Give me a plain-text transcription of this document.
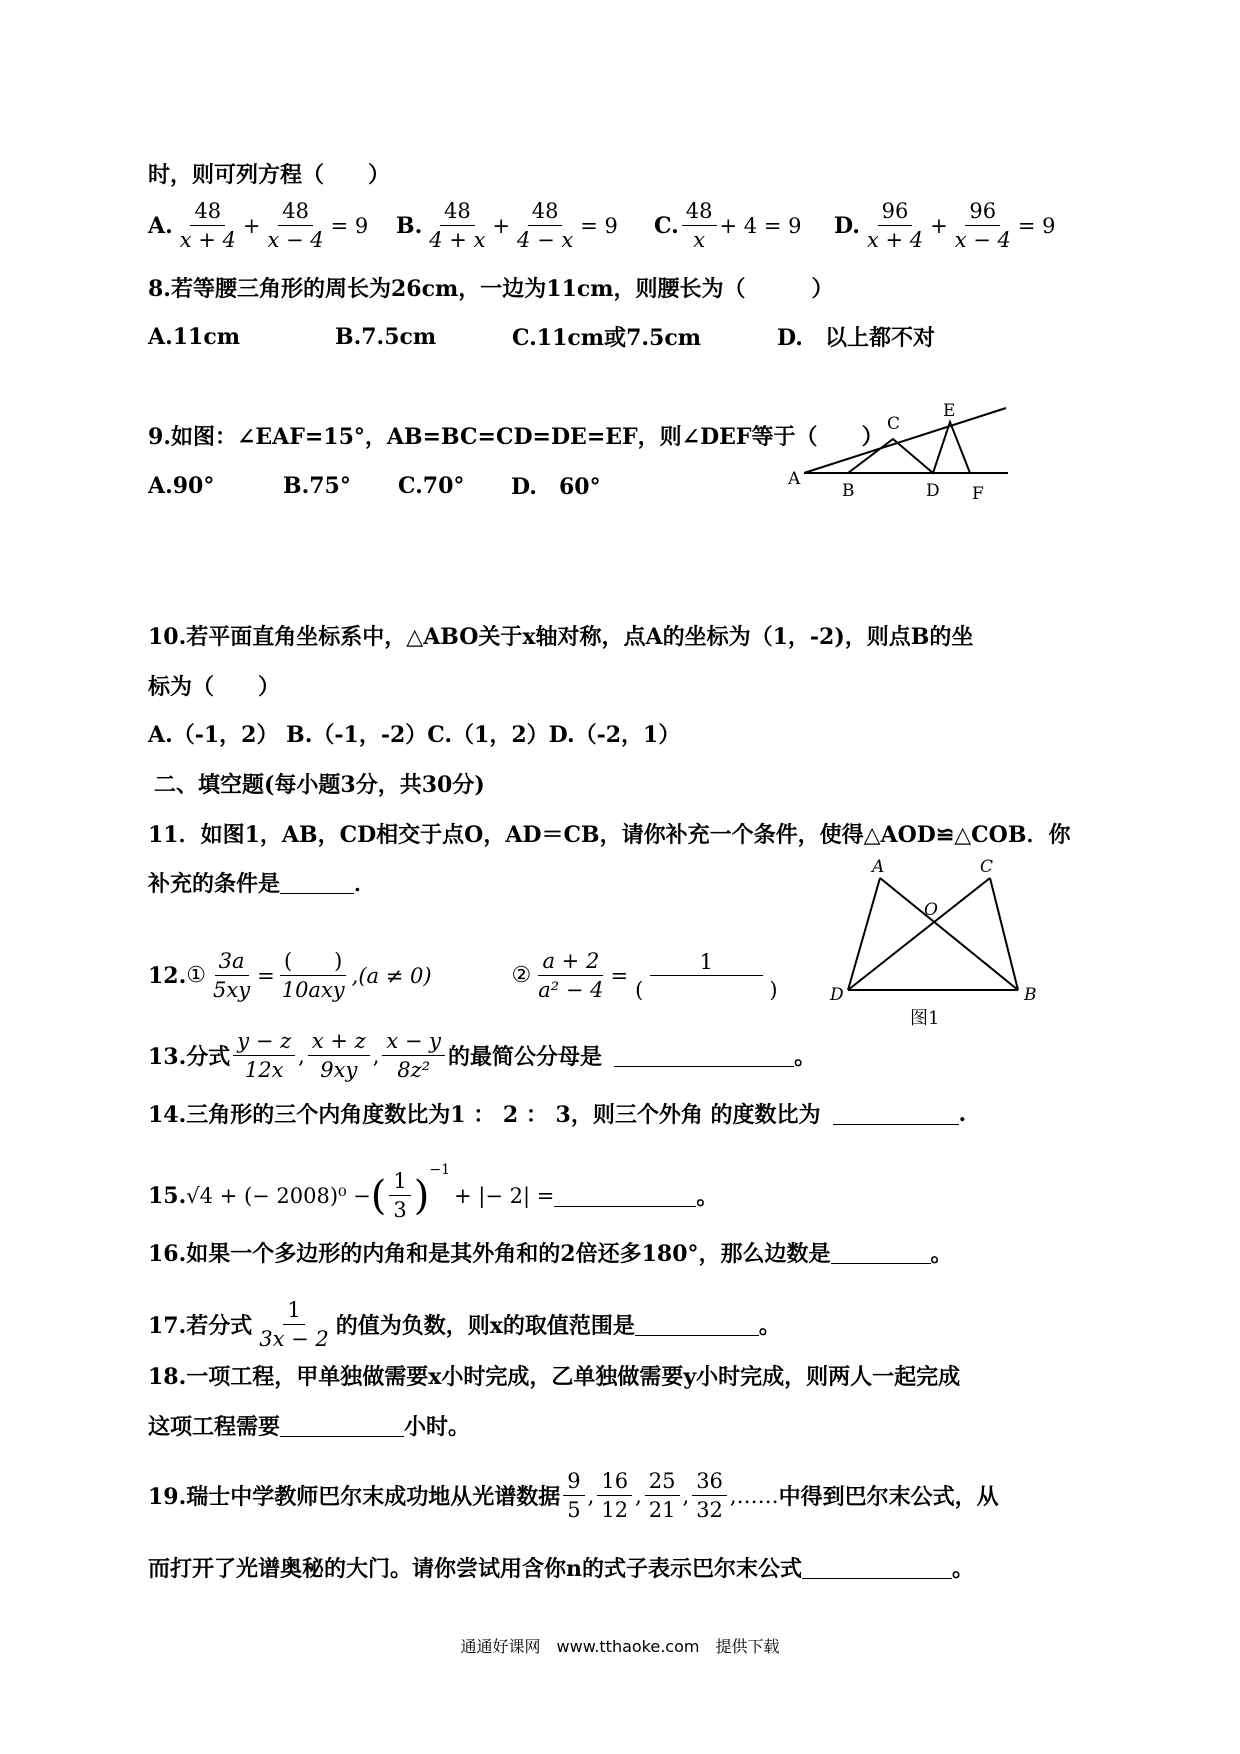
时，则可列方程（　　）
A. $\frac{48}{x + 4} + \frac{48}{x - 4} = 9$ B. $\frac{48}{4 + x} + \frac{48}{4 - x} = 9$ C. $\frac{48}{x} + 4 = 9$ D. $\frac{96}{x + 4} + \frac{96}{x - 4} = 9$
8.若等腰三角形的周长为26cm，一边为11cm，则腰长为（　　　）
A.11cm	B.7.5cm	C.11cm或7.5cm	D.　以上都不对
9.如图：∠EAF=15°，AB=BC=CD=DE=EF，则∠DEF等于（　　）
A.90°	B.75°	C.70°	D.　60°	A
B
C
D
E
F
10.若平面直角坐标系中，△ABO关于x轴对称，点A的坐标为（1，-2)，则点B的坐
标为（　　）
A.（-1，2） B.（-1，-2）C.（1，2）D.（-2，1）
二、填空题(每小题3分，共30分)
11．如图1，AB，CD相交于点O，AD＝CB，请你补充一个条件，使得△AOD≌△COB．你
补充的条件是	．
A	C
O
D	B
图1
12. ① $\frac{3a}{5xy} = \frac{( )}{\text{10axy}} ,(a \ne 0)$	② $\frac{a + 2}{\text{a² − 4}} = \frac{1}{( )}$
13.分式 $\frac{y - z}{12x}$ , $\frac{x + z}{9xy}$ , $\frac{x - y}{\text{8z²}}$ 的最简公分母是	。
14.三角形的三个内角度数比为1 ： 2 ： 3，则三个外角 的度数比为	.
15. √4 + (− 2008)⁰ − ( $\frac{1}{3}$ )
−1
+ |− 2| =	。
16.如果一个多边形的内角和是其外角和的2倍还多180°，那么边数是	。
17.若分式 $\frac{1}{3x - 2}$ 的值为负数，则x的取值范围是	。
18.一项工程，甲单独做需要x小时完成，乙单独做需要y小时完成，则两人一起完成
这项工程需要	小时。
19.瑞士中学教师巴尔末成功地从光谱数据 $\frac{9}{5}$ , $\frac{16}{12}$ , $\frac{25}{21}$ , $\frac{36}{32}$ ,…… 中得到巴尔末公式，从
而打开了光谱奥秘的大门。请你尝试用含你n的式子表示巴尔末公式	。
通通好课网　www.tthaoke.com　提供下载
